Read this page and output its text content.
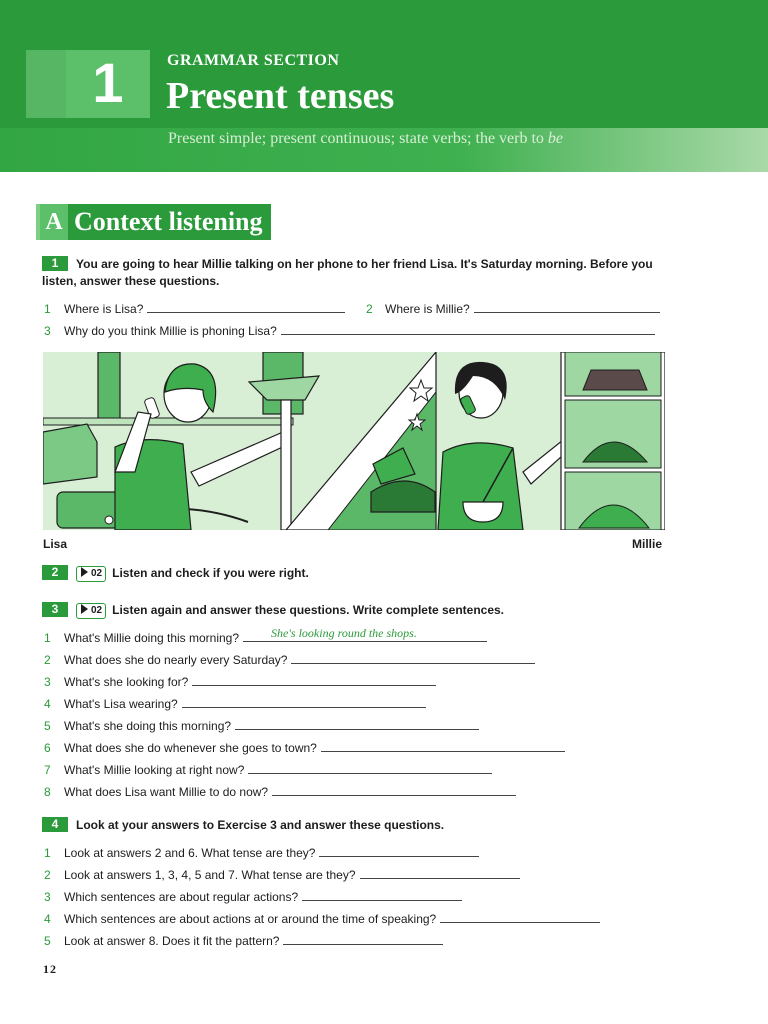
1	GRAMMAR SECTION
Present tenses
Present simple; present continuous; state verbs; the verb to be
A Context listening
1 You are going to hear Millie talking on her phone to her friend Lisa. It's Saturday morning. Before you listen, answer these questions.
1 Where is Lisa?	2 Where is Millie?
3 Why do you think Millie is phoning Lisa?
Lisa	Millie
2	02 Listen and check if you were right.
3	02 Listen again and answer these questions. Write complete sentences.
1 What's Millie doing this morning?	She's looking round the shops.
2 What does she do nearly every Saturday?
3 What's she looking for?
4 What's Lisa wearing?
5 What's she doing this morning?
6 What does she do whenever she goes to town?
7 What's Millie looking at right now?
8 What does Lisa want Millie to do now?
4 Look at your answers to Exercise 3 and answer these questions.
1 Look at answers 2 and 6. What tense are they?
2 Look at answers 1, 3, 4, 5 and 7. What tense are they?
3 Which sentences are about regular actions?
4 Which sentences are about actions at or around the time of speaking?
5 Look at answer 8. Does it fit the pattern?
12
